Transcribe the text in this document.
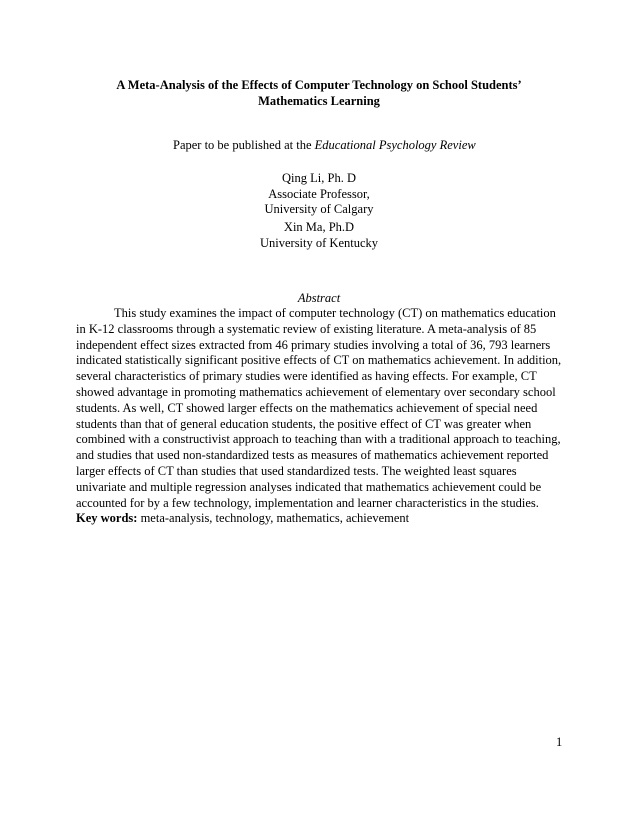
A Meta-Analysis of the Effects of Computer Technology on School Students’
Mathematics Learning
Paper to be published at the Educational Psychology Review
Qing Li, Ph. D
Associate Professor,
University of Calgary
Xin Ma, Ph.D
University of Kentucky
Abstract
This study examines the impact of computer technology (CT) on mathematics education
in K-12 classrooms through a systematic review of existing literature. A meta-analysis of 85
independent effect sizes extracted from 46 primary studies involving a total of 36, 793 learners
indicated statistically significant positive effects of CT on mathematics achievement. In addition,
several characteristics of primary studies were identified as having effects. For example, CT
showed advantage in promoting mathematics achievement of elementary over secondary school
students. As well, CT showed larger effects on the mathematics achievement of special need
students than that of general education students, the positive effect of CT was greater when
combined with a constructivist approach to teaching than with a traditional approach to teaching,
and studies that used non-standardized tests as measures of mathematics achievement reported
larger effects of CT than studies that used standardized tests. The weighted least squares
univariate and multiple regression analyses indicated that mathematics achievement could be
accounted for by a few technology, implementation and learner characteristics in the studies.
Key words: meta-analysis, technology, mathematics, achievement
1
